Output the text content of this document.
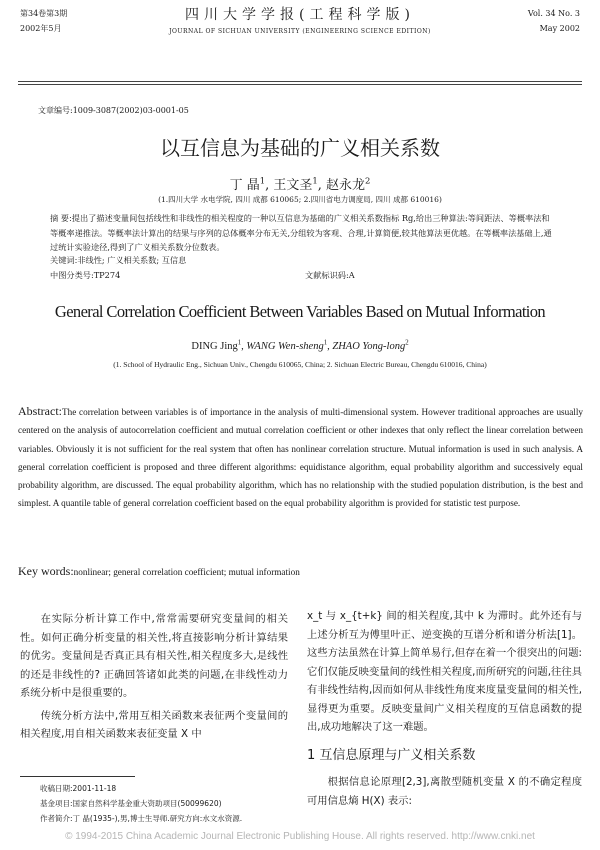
第34卷第3期
2002年5月
四川大学学报(工程科学版)
JOURNAL OF SICHUAN UNIVERSITY (ENGINEERING SCIENCE EDITION)
Vol. 34 No. 3
May 2002
文章编号:1009-3087(2002)03-0001-05
以互信息为基础的广义相关系数
丁 晶$^1$, 王文圣$^1$, 赵永龙$^2$
(1.四川大学 水电学院, 四川 成都 610065; 2.四川省电力调度局, 四川 成都 610016)
摘 要:提出了描述变量间包括线性和非线性的相关程度的一种以互信息为基础的广义相关系数指标 Rg,给出三种算法:等间距法、等概率法和等概率递推法。等概率法计算出的结果与序列的总体概率分布无关,分组较为客观、合理,计算简便,较其他算法更优越。在等概率法基础上,通过统计实验途径,得到了广义相关系数分位数表。
关键词:非线性; 广义相关系数; 互信息
中图分类号:TP274	文献标识码:A
General Correlation Coefficient Between Variables Based on Mutual Information
DING Jing$^1$, WANG Wen-sheng$^1$, ZHAO Yong-long$^2$
(1. School of Hydraulic Eng., Sichuan Univ., Chengdu 610065, China; 2. Sichuan Electric Bureau, Chengdu 610016, China)
Abstract:The correlation between variables is of importance in the analysis of multi-dimensional system. However traditional approaches are usually centered on the analysis of autocorrelation coefficient and mutual correlation coefficient or other indexes that only reflect the linear correlation between variables. Obviously it is not sufficient for the real system that often has nonlinear correlation structure. Mutual information is used in such analysis. A general correlation coefficient is proposed and three different algorithms: equidistance algorithm, equal probability algorithm and successively equal probability algorithm, are discussed. The equal probability algorithm, which has no relationship with the studied population distribution, is the best and simplest. A quantile table of general correlation coefficient based on the equal probability algorithm is provided for statistic test purpose.
Key words:nonlinear; general correlation coefficient; mutual information

在实际分析计算工作中,常常需要研究变量间的相关性。如何正确分析变量的相关性,将直接影响分析计算结果的优劣。变量间是否真正具有相关性,相关程度多大,是线性的还是非线性的? 正确回答诸如此类的问题,在非线性动力系统分析中是很重要的。

传统分析方法中,常用互相关函数来表征两个变量间的相关程度,用自相关函数来表征变量 X 中

收稿日期:2001-11-18
基金项目:国家自然科学基金重大资助项目(50099620)
作者简介:丁 晶(1935-),男,博士生导师.研究方向:水文水资源.

x_t 与 x_{t+k} 间的相关程度,其中 k 为滞时。此外还有与上述分析互为傅里叶正、逆变换的互谱分析和谱分析法[1]。这些方法虽然在计算上简单易行,但存在着一个很突出的问题:它们仅能反映变量间的线性相关程度,而所研究的问题,往往具有非线性结构,因而如何从非线性角度来度量变量间的相关性,显得更为重要。反映变量间广义相关程度的互信息函数的提出,成功地解决了这一难题。

1 互信息原理与广义相关系数

根据信息论原理[2,3],离散型随机变量 X 的不确定程度可用信息熵 H(X) 表示:

© 1994-2015 China Academic Journal Electronic Publishing House. All rights reserved. http://www.cnki.net
